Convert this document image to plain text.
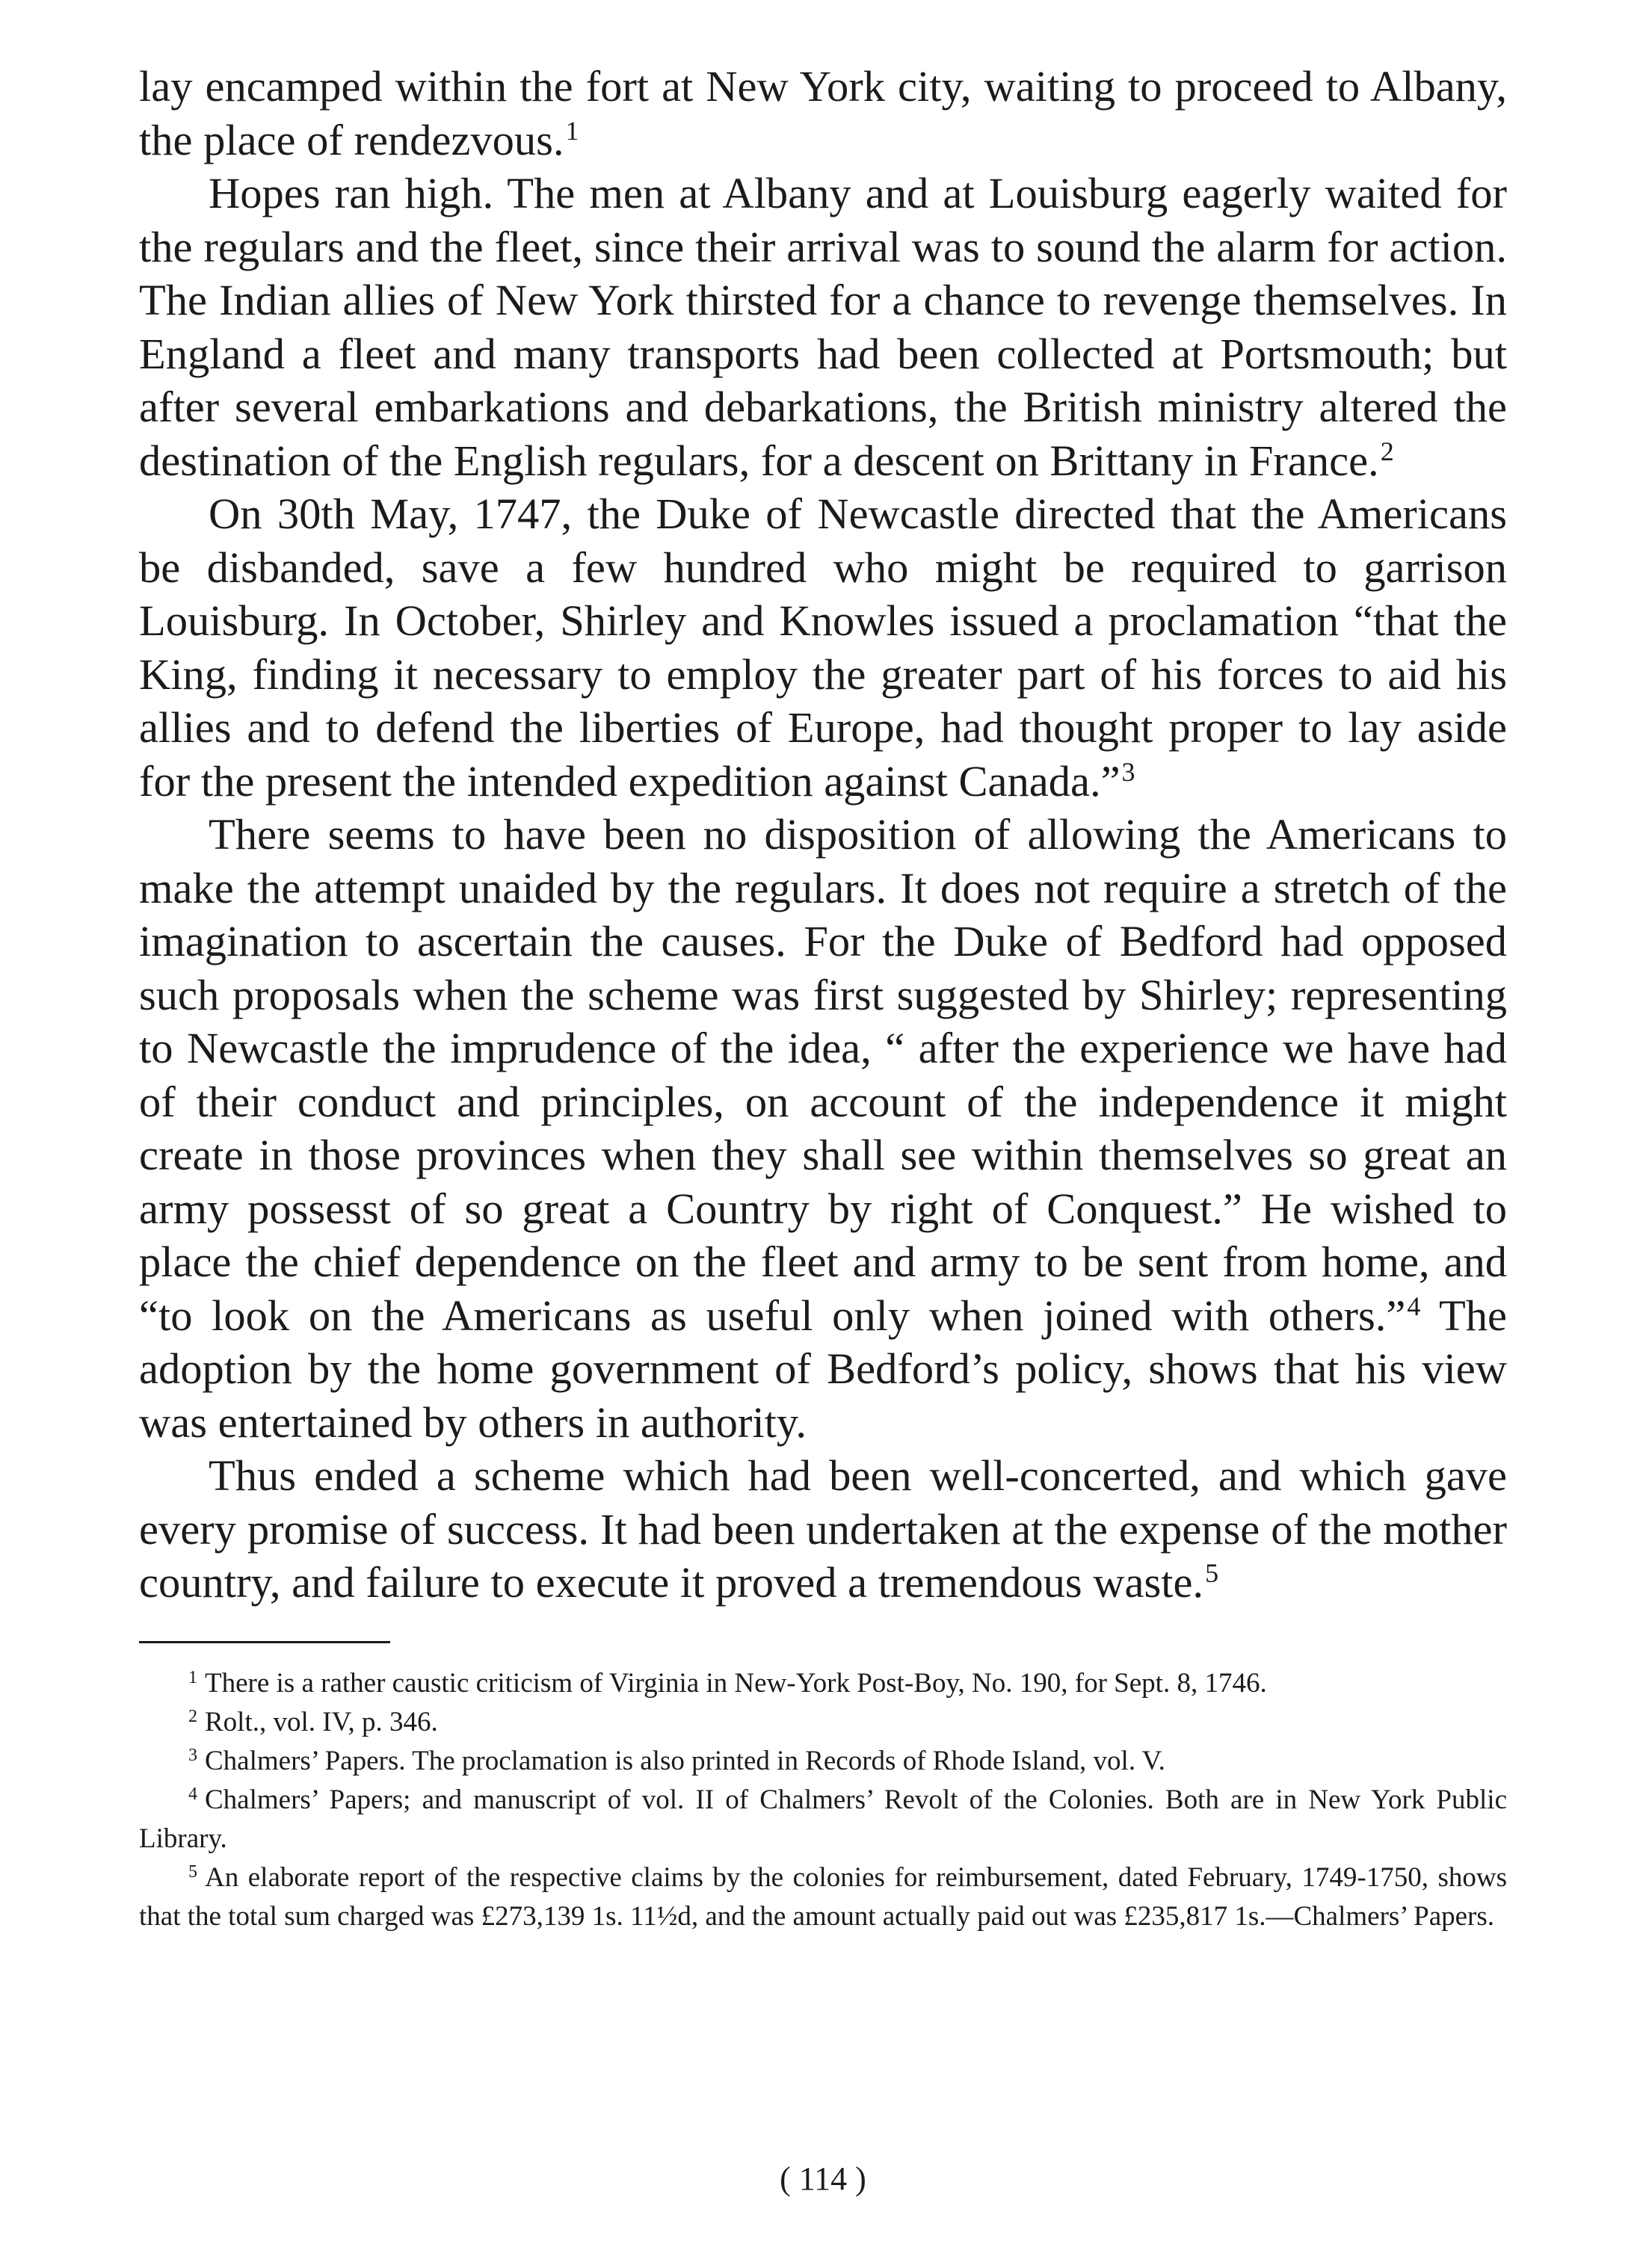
lay encamped within the fort at New York city, waiting to proceed to Albany, the place of rendezvous.$^1$

Hopes ran high. The men at Albany and at Louisburg eagerly waited for the regulars and the fleet, since their arrival was to sound the alarm for action. The Indian allies of New York thirsted for a chance to revenge themselves. In England a fleet and many transports had been collected at Portsmouth; but after several embarkations and debarkations, the British ministry altered the destination of the English regulars, for a descent on Brittany in France.$^2$

On 30th May, 1747, the Duke of Newcastle directed that the Americans be disbanded, save a few hundred who might be required to garrison Louisburg. In October, Shirley and Knowles issued a proclamation “that the King, finding it necessary to employ the greater part of his forces to aid his allies and to defend the liberties of Europe, had thought proper to lay aside for the present the intended expedition against Canada.”$^3$

There seems to have been no disposition of allowing the Americans to make the attempt unaided by the regulars. It does not require a stretch of the imagination to ascertain the causes. For the Duke of Bedford had opposed such proposals when the scheme was first suggested by Shirley; representing to Newcastle the imprudence of the idea, “ after the experience we have had of their conduct and principles, on account of the independence it might create in those provinces when they shall see within themselves so great an army possesst of so great a Country by right of Conquest.” He wished to place the chief dependence on the fleet and army to be sent from home, and “to look on the Americans as useful only when joined with others.”$^4$ The adoption by the home government of Bedford’s policy, shows that his view was entertained by others in authority.

Thus ended a scheme which had been well-concerted, and which gave every promise of success. It had been undertaken at the expense of the mother country, and failure to execute it proved a tremendous waste.$^5$

$^1$ There is a rather caustic criticism of Virginia in New-York Post-Boy, No. 190, for Sept. 8, 1746.

$^2$ Rolt., vol. IV, p. 346.

$^3$ Chalmers’ Papers. The proclamation is also printed in Records of Rhode Island, vol. V.

$^4$ Chalmers’ Papers; and manuscript of vol. II of Chalmers’ Revolt of the Colonies. Both are in New York Public Library.

$^5$ An elaborate report of the respective claims by the colonies for reimbursement, dated February, 1749-1750, shows that the total sum charged was £273,139 1s. 11½d, and the amount actually paid out was £235,817 1s.—Chalmers’ Papers.

( 114 )
